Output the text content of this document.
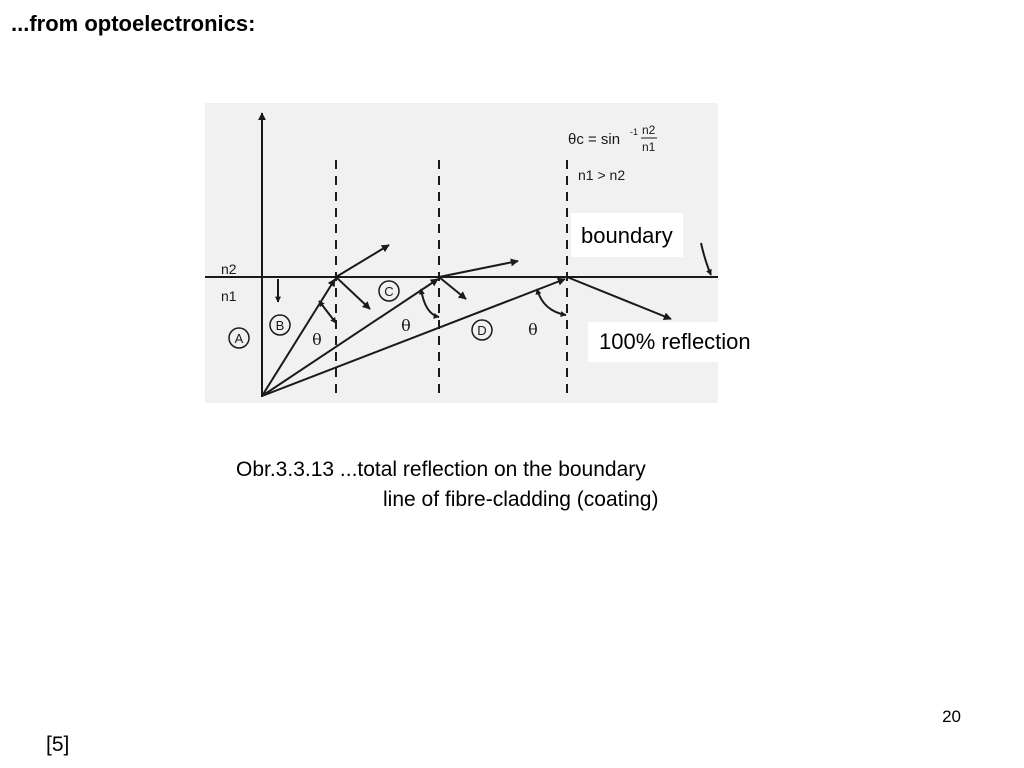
...from optoelectronics:
θc = sin -1 n2
n1
n1 > n2
n2
n1
A
B
C
D
θ
θ	θ
boundary
100% reflection
Obr.3.3.13 ...total reflection on the boundary
line of fibre-cladding (coating)
20
[5]
